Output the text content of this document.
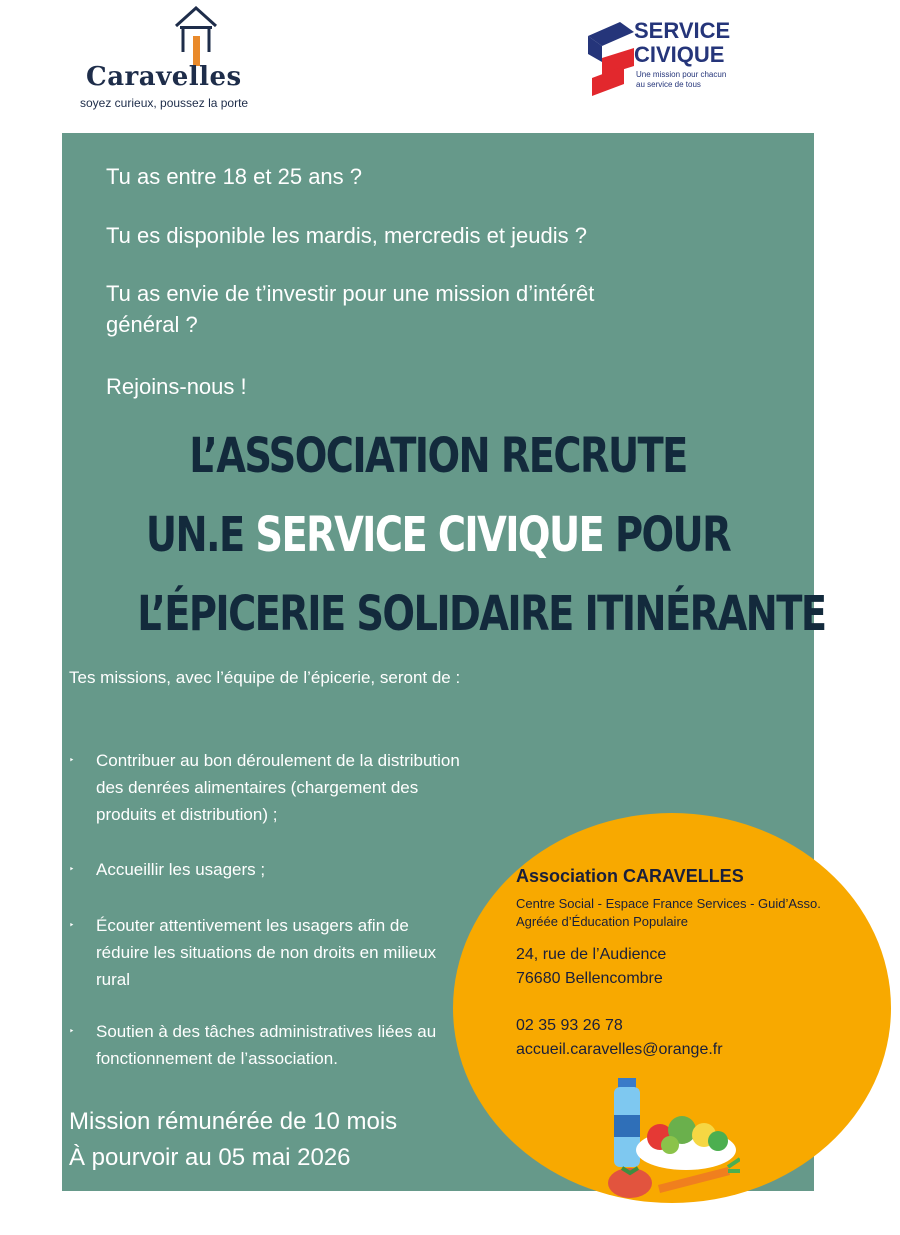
Caravelles
soyez curieux, poussez la porte
SERVICE
CIVIQUE
Une mission pour chacun au service de tous
Tu as entre 18 et 25 ans ?
Tu es disponible les mardis, mercredis et jeudis ?
Tu as envie de t’investir pour une mission d’intérêt
général ?
Rejoins-nous !
L’ASSOCIATION RECRUTE
UN.E SERVICE CIVIQUE POUR
L’ÉPICERIE SOLIDAIRE ITINÉRANTE
Tes missions, avec l’équipe de l’épicerie, seront de :
‣ Contribuer au bon déroulement de la distribution des denrées alimentaires (chargement des produits et distribution) ;
‣ Accueillir les usagers ;
‣ Écouter attentivement les usagers afin de réduire les situations de non droits en milieux rural
‣ Soutien à des tâches administratives liées au fonctionnement de l’association.
Mission rémunérée de 10 mois
À pourvoir au 05 mai 2026
Association CARAVELLES
Centre Social - Espace France Services - Guid’Asso.
Agréée d’Éducation Populaire
24, rue de l’Audience
76680 Bellencombre
02 35 93 26 78
accueil.caravelles@orange.fr
